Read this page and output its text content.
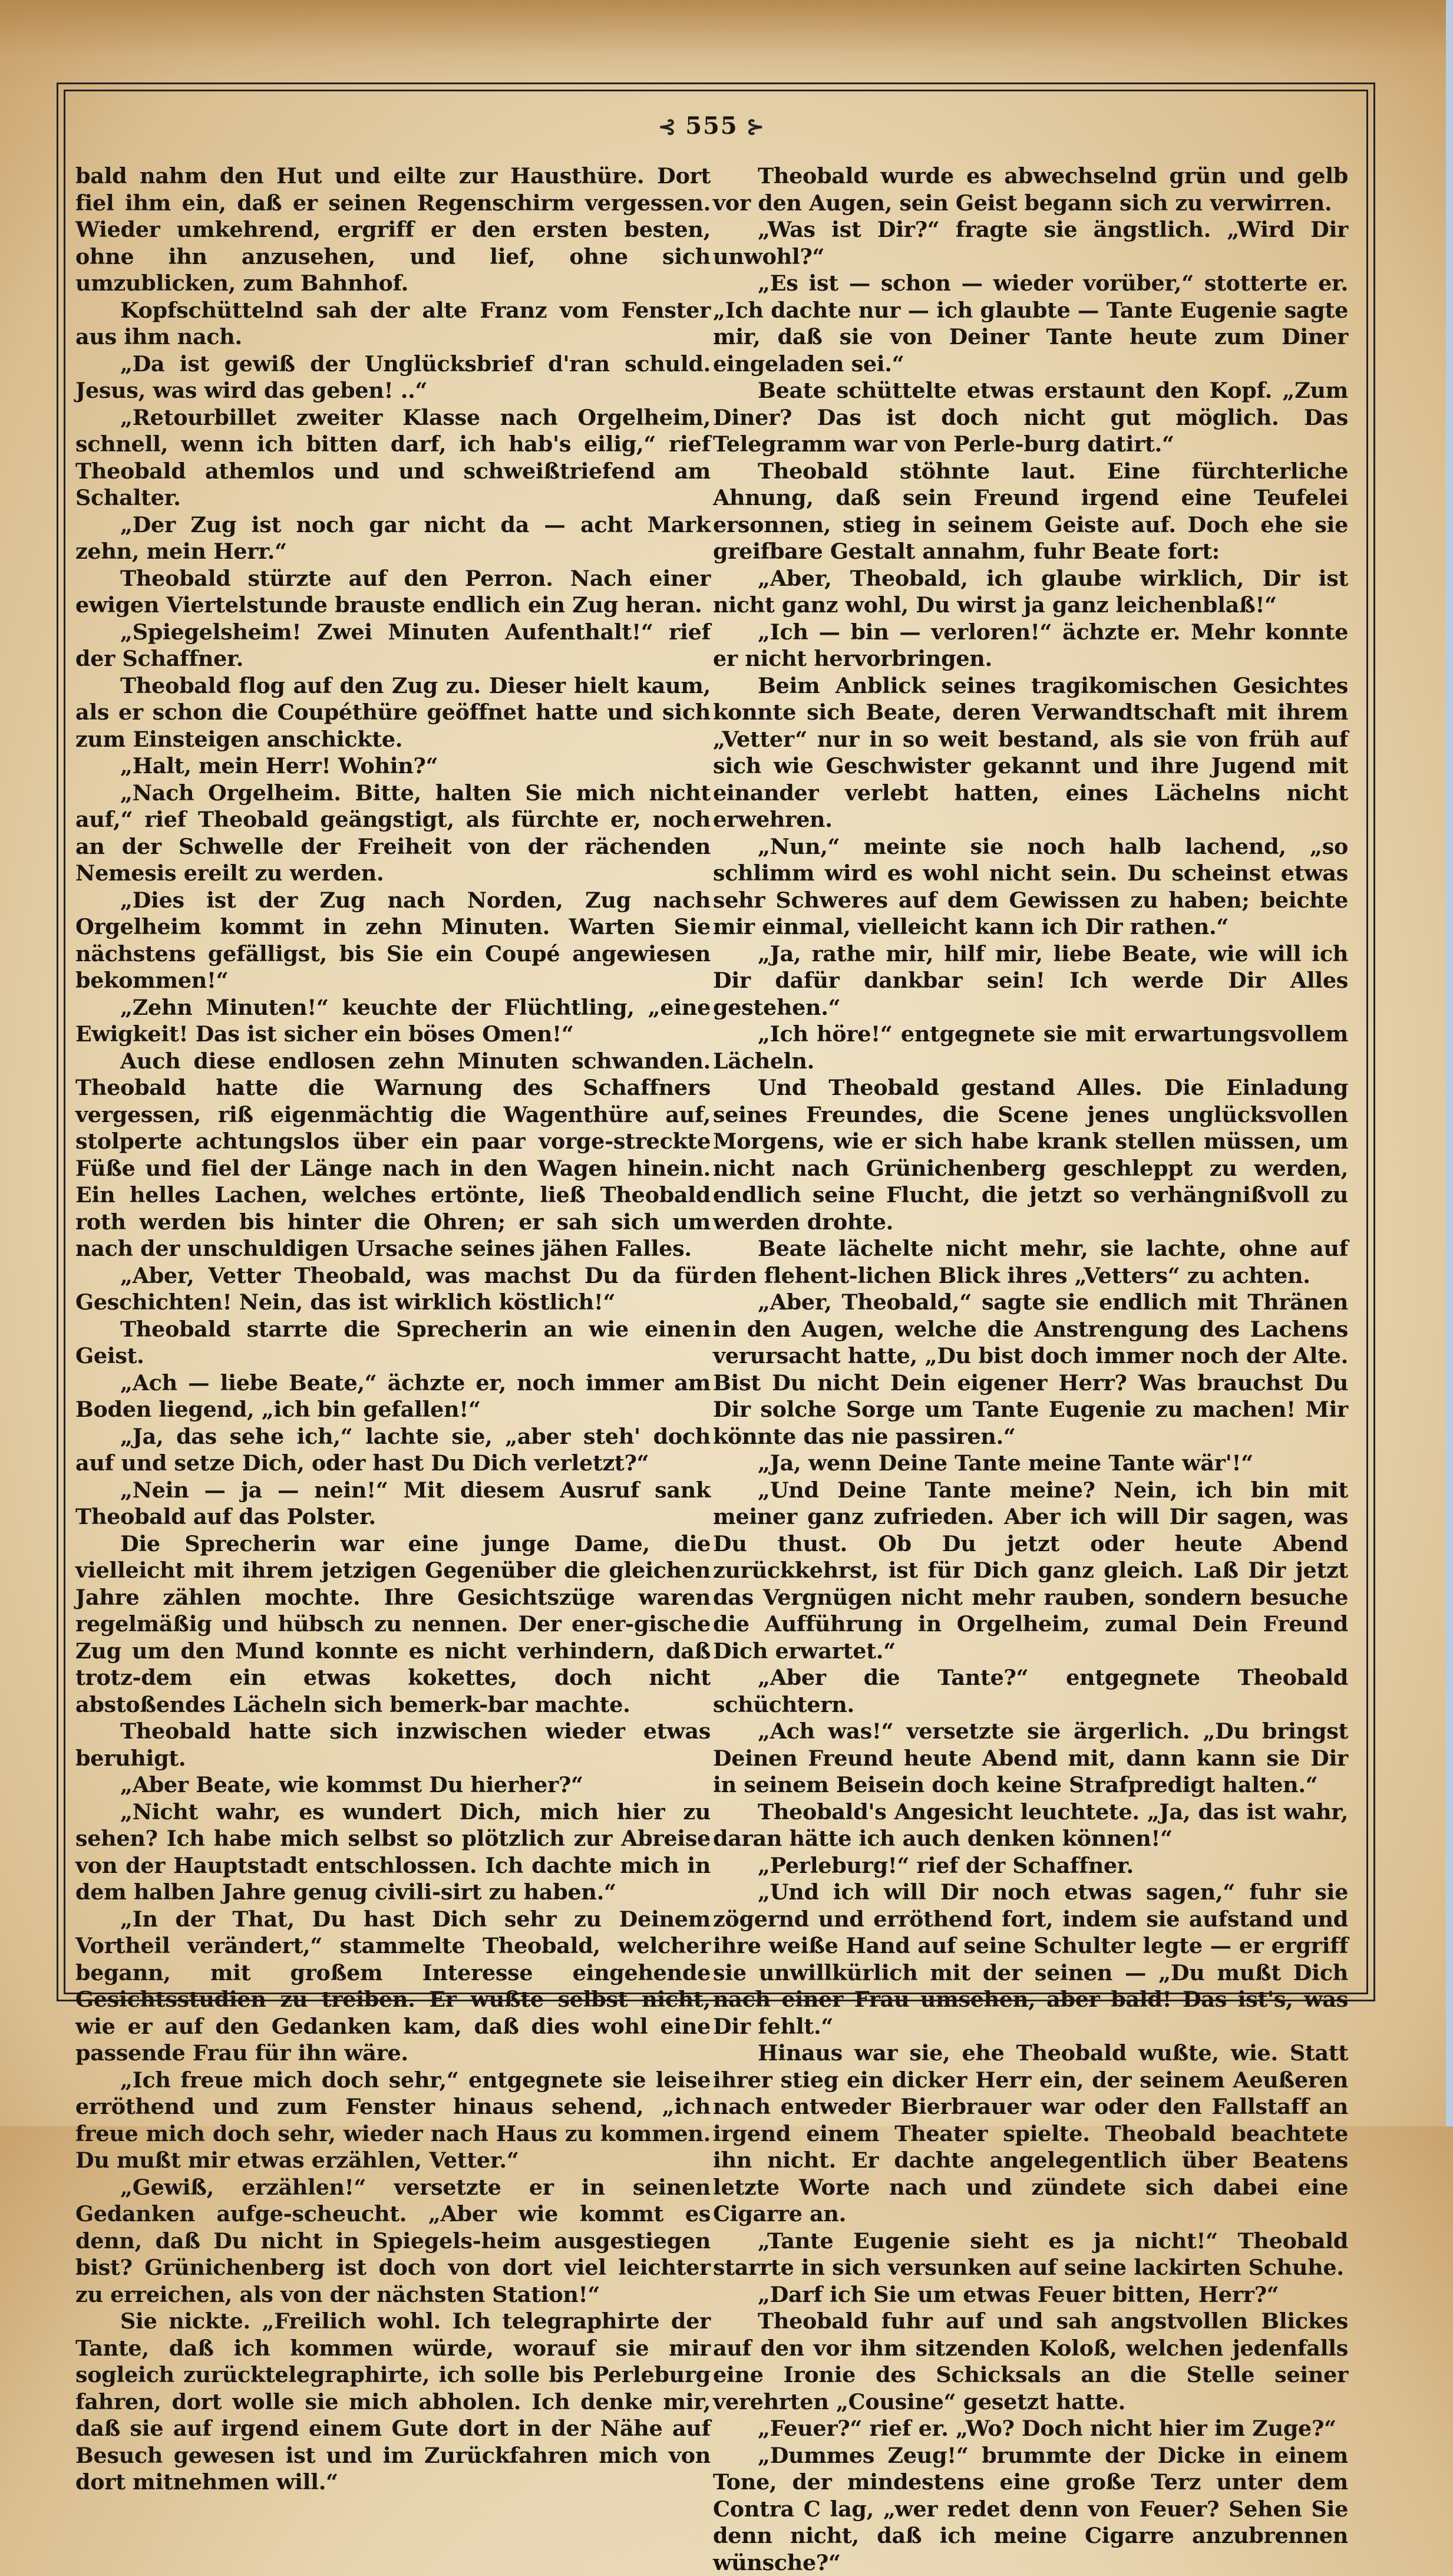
⊰ 555 ⊱

bald nahm den Hut und eilte zur Hausthüre. Dort fiel ihm ein, daß er seinen Regenschirm vergessen. Wieder umkehrend, ergriff er den ersten besten, ohne ihn anzusehen, und lief, ohne sich umzublicken, zum Bahnhof.

Kopfschüttelnd sah der alte Franz vom Fenster aus ihm nach.

„Da ist gewiß der Unglücksbrief d'ran schuld. Jesus, was wird das geben! ..“

„Retourbillet zweiter Klasse nach Orgelheim, schnell, wenn ich bitten darf, ich hab's eilig,“ rief Theobald athemlos und und schweißtriefend am Schalter.

„Der Zug ist noch gar nicht da — acht Mark zehn, mein Herr.“

Theobald stürzte auf den Perron. Nach einer ewigen Viertelstunde brauste endlich ein Zug heran.

„Spiegelsheim! Zwei Minuten Aufenthalt!“ rief der Schaffner.

Theobald flog auf den Zug zu. Dieser hielt kaum, als er schon die Coupéthüre geöffnet hatte und sich zum Einsteigen anschickte.

„Halt, mein Herr! Wohin?“

„Nach Orgelheim. Bitte, halten Sie mich nicht auf,“ rief Theobald geängstigt, als fürchte er, noch an der Schwelle der Freiheit von der rächenden Nemesis ereilt zu werden.

„Dies ist der Zug nach Norden, Zug nach Orgelheim kommt in zehn Minuten. Warten Sie nächstens gefälligst, bis Sie ein Coupé angewiesen bekommen!“

„Zehn Minuten!“ keuchte der Flüchtling, „eine Ewigkeit! Das ist sicher ein böses Omen!“

Auch diese endlosen zehn Minuten schwanden. Theobald hatte die Warnung des Schaffners vergessen, riß eigenmächtig die Wagenthüre auf, stolperte achtungslos über ein paar vorge-streckte Füße und fiel der Länge nach in den Wagen hinein. Ein helles Lachen, welches ertönte, ließ Theobald roth werden bis hinter die Ohren; er sah sich um nach der unschuldigen Ursache seines jähen Falles.

„Aber, Vetter Theobald, was machst Du da für Geschichten! Nein, das ist wirklich köstlich!“

Theobald starrte die Sprecherin an wie einen Geist.

„Ach — liebe Beate,“ ächzte er, noch immer am Boden liegend, „ich bin gefallen!“

„Ja, das sehe ich,“ lachte sie, „aber steh' doch auf und setze Dich, oder hast Du Dich verletzt?“

„Nein — ja — nein!“ Mit diesem Ausruf sank Theobald auf das Polster.

Die Sprecherin war eine junge Dame, die vielleicht mit ihrem jetzigen Gegenüber die gleichen Jahre zählen mochte. Ihre Gesichtszüge waren regelmäßig und hübsch zu nennen. Der ener-gische Zug um den Mund konnte es nicht verhindern, daß trotz-dem ein etwas kokettes, doch nicht abstoßendes Lächeln sich bemerk-bar machte.

Theobald hatte sich inzwischen wieder etwas beruhigt.

„Aber Beate, wie kommst Du hierher?“

„Nicht wahr, es wundert Dich, mich hier zu sehen? Ich habe mich selbst so plötzlich zur Abreise von der Hauptstadt entschlossen. Ich dachte mich in dem halben Jahre genug civili-sirt zu haben.“

„In der That, Du hast Dich sehr zu Deinem Vortheil verändert,“ stammelte Theobald, welcher begann, mit großem Interesse eingehende Gesichtsstudien zu treiben. Er wußte selbst nicht, wie er auf den Gedanken kam, daß dies wohl eine passende Frau für ihn wäre.

„Ich freue mich doch sehr,“ entgegnete sie leise erröthend und zum Fenster hinaus sehend, „ich freue mich doch sehr, wieder nach Haus zu kommen. Du mußt mir etwas erzählen, Vetter.“

„Gewiß, erzählen!“ versetzte er in seinen Gedanken aufge-scheucht. „Aber wie kommt es denn, daß Du nicht in Spiegels-heim ausgestiegen bist? Grünichenberg ist doch von dort viel leichter zu erreichen, als von der nächsten Station!“

Sie nickte. „Freilich wohl. Ich telegraphirte der Tante, daß ich kommen würde, worauf sie mir sogleich zurücktelegraphirte, ich solle bis Perleburg fahren, dort wolle sie mich abholen. Ich denke mir, daß sie auf irgend einem Gute dort in der Nähe auf Besuch gewesen ist und im Zurückfahren mich von dort mitnehmen will.“

Theobald wurde es abwechselnd grün und gelb vor den Augen, sein Geist begann sich zu verwirren.

„Was ist Dir?“ fragte sie ängstlich. „Wird Dir unwohl?“

„Es ist — schon — wieder vorüber,“ stotterte er. „Ich dachte nur — ich glaubte — Tante Eugenie sagte mir, daß sie von Deiner Tante heute zum Diner eingeladen sei.“

Beate schüttelte etwas erstaunt den Kopf. „Zum Diner? Das ist doch nicht gut möglich. Das Telegramm war von Perle-burg datirt.“

Theobald stöhnte laut. Eine fürchterliche Ahnung, daß sein Freund irgend eine Teufelei ersonnen, stieg in seinem Geiste auf. Doch ehe sie greifbare Gestalt annahm, fuhr Beate fort:

„Aber, Theobald, ich glaube wirklich, Dir ist nicht ganz wohl, Du wirst ja ganz leichenblaß!“

„Ich — bin — verloren!“ ächzte er. Mehr konnte er nicht hervorbringen.

Beim Anblick seines tragikomischen Gesichtes konnte sich Beate, deren Verwandtschaft mit ihrem „Vetter“ nur in so weit bestand, als sie von früh auf sich wie Geschwister gekannt und ihre Jugend mit einander verlebt hatten, eines Lächelns nicht erwehren.

„Nun,“ meinte sie noch halb lachend, „so schlimm wird es wohl nicht sein. Du scheinst etwas sehr Schweres auf dem Gewissen zu haben; beichte mir einmal, vielleicht kann ich Dir rathen.“

„Ja, rathe mir, hilf mir, liebe Beate, wie will ich Dir dafür dankbar sein! Ich werde Dir Alles gestehen.“

„Ich höre!“ entgegnete sie mit erwartungsvollem Lächeln.

Und Theobald gestand Alles. Die Einladung seines Freundes, die Scene jenes unglücksvollen Morgens, wie er sich habe krank stellen müssen, um nicht nach Grünichenberg geschleppt zu werden, endlich seine Flucht, die jetzt so verhängnißvoll zu werden drohte.

Beate lächelte nicht mehr, sie lachte, ohne auf den flehent-lichen Blick ihres „Vetters“ zu achten.

„Aber, Theobald,“ sagte sie endlich mit Thränen in den Augen, welche die Anstrengung des Lachens verursacht hatte, „Du bist doch immer noch der Alte. Bist Du nicht Dein eigener Herr? Was brauchst Du Dir solche Sorge um Tante Eugenie zu machen! Mir könnte das nie passiren.“

„Ja, wenn Deine Tante meine Tante wär'!“

„Und Deine Tante meine? Nein, ich bin mit meiner ganz zufrieden. Aber ich will Dir sagen, was Du thust. Ob Du jetzt oder heute Abend zurückkehrst, ist für Dich ganz gleich. Laß Dir jetzt das Vergnügen nicht mehr rauben, sondern besuche die Aufführung in Orgelheim, zumal Dein Freund Dich erwartet.“

„Aber die Tante?“ entgegnete Theobald schüchtern.

„Ach was!“ versetzte sie ärgerlich. „Du bringst Deinen Freund heute Abend mit, dann kann sie Dir in seinem Beisein doch keine Strafpredigt halten.“

Theobald's Angesicht leuchtete. „Ja, das ist wahr, daran hätte ich auch denken können!“

„Perleburg!“ rief der Schaffner.

„Und ich will Dir noch etwas sagen,“ fuhr sie zögernd und erröthend fort, indem sie aufstand und ihre weiße Hand auf seine Schulter legte — er ergriff sie unwillkürlich mit der seinen — „Du mußt Dich nach einer Frau umsehen, aber bald! Das ist's, was Dir fehlt.“

Hinaus war sie, ehe Theobald wußte, wie. Statt ihrer stieg ein dicker Herr ein, der seinem Aeußeren nach entweder Bierbrauer war oder den Fallstaff an irgend einem Theater spielte. Theobald beachtete ihn nicht. Er dachte angelegentlich über Beatens letzte Worte nach und zündete sich dabei eine Cigarre an.

„Tante Eugenie sieht es ja nicht!“ Theobald starrte in sich versunken auf seine lackirten Schuhe.

„Darf ich Sie um etwas Feuer bitten, Herr?“

Theobald fuhr auf und sah angstvollen Blickes auf den vor ihm sitzenden Koloß, welchen jedenfalls eine Ironie des Schicksals an die Stelle seiner verehrten „Cousine“ gesetzt hatte.

„Feuer?“ rief er. „Wo? Doch nicht hier im Zuge?“

„Dummes Zeug!“ brummte der Dicke in einem Tone, der mindestens eine große Terz unter dem Contra C lag, „wer redet denn von Feuer? Sehen Sie denn nicht, daß ich meine Cigarre anzubrennen wünsche?“
